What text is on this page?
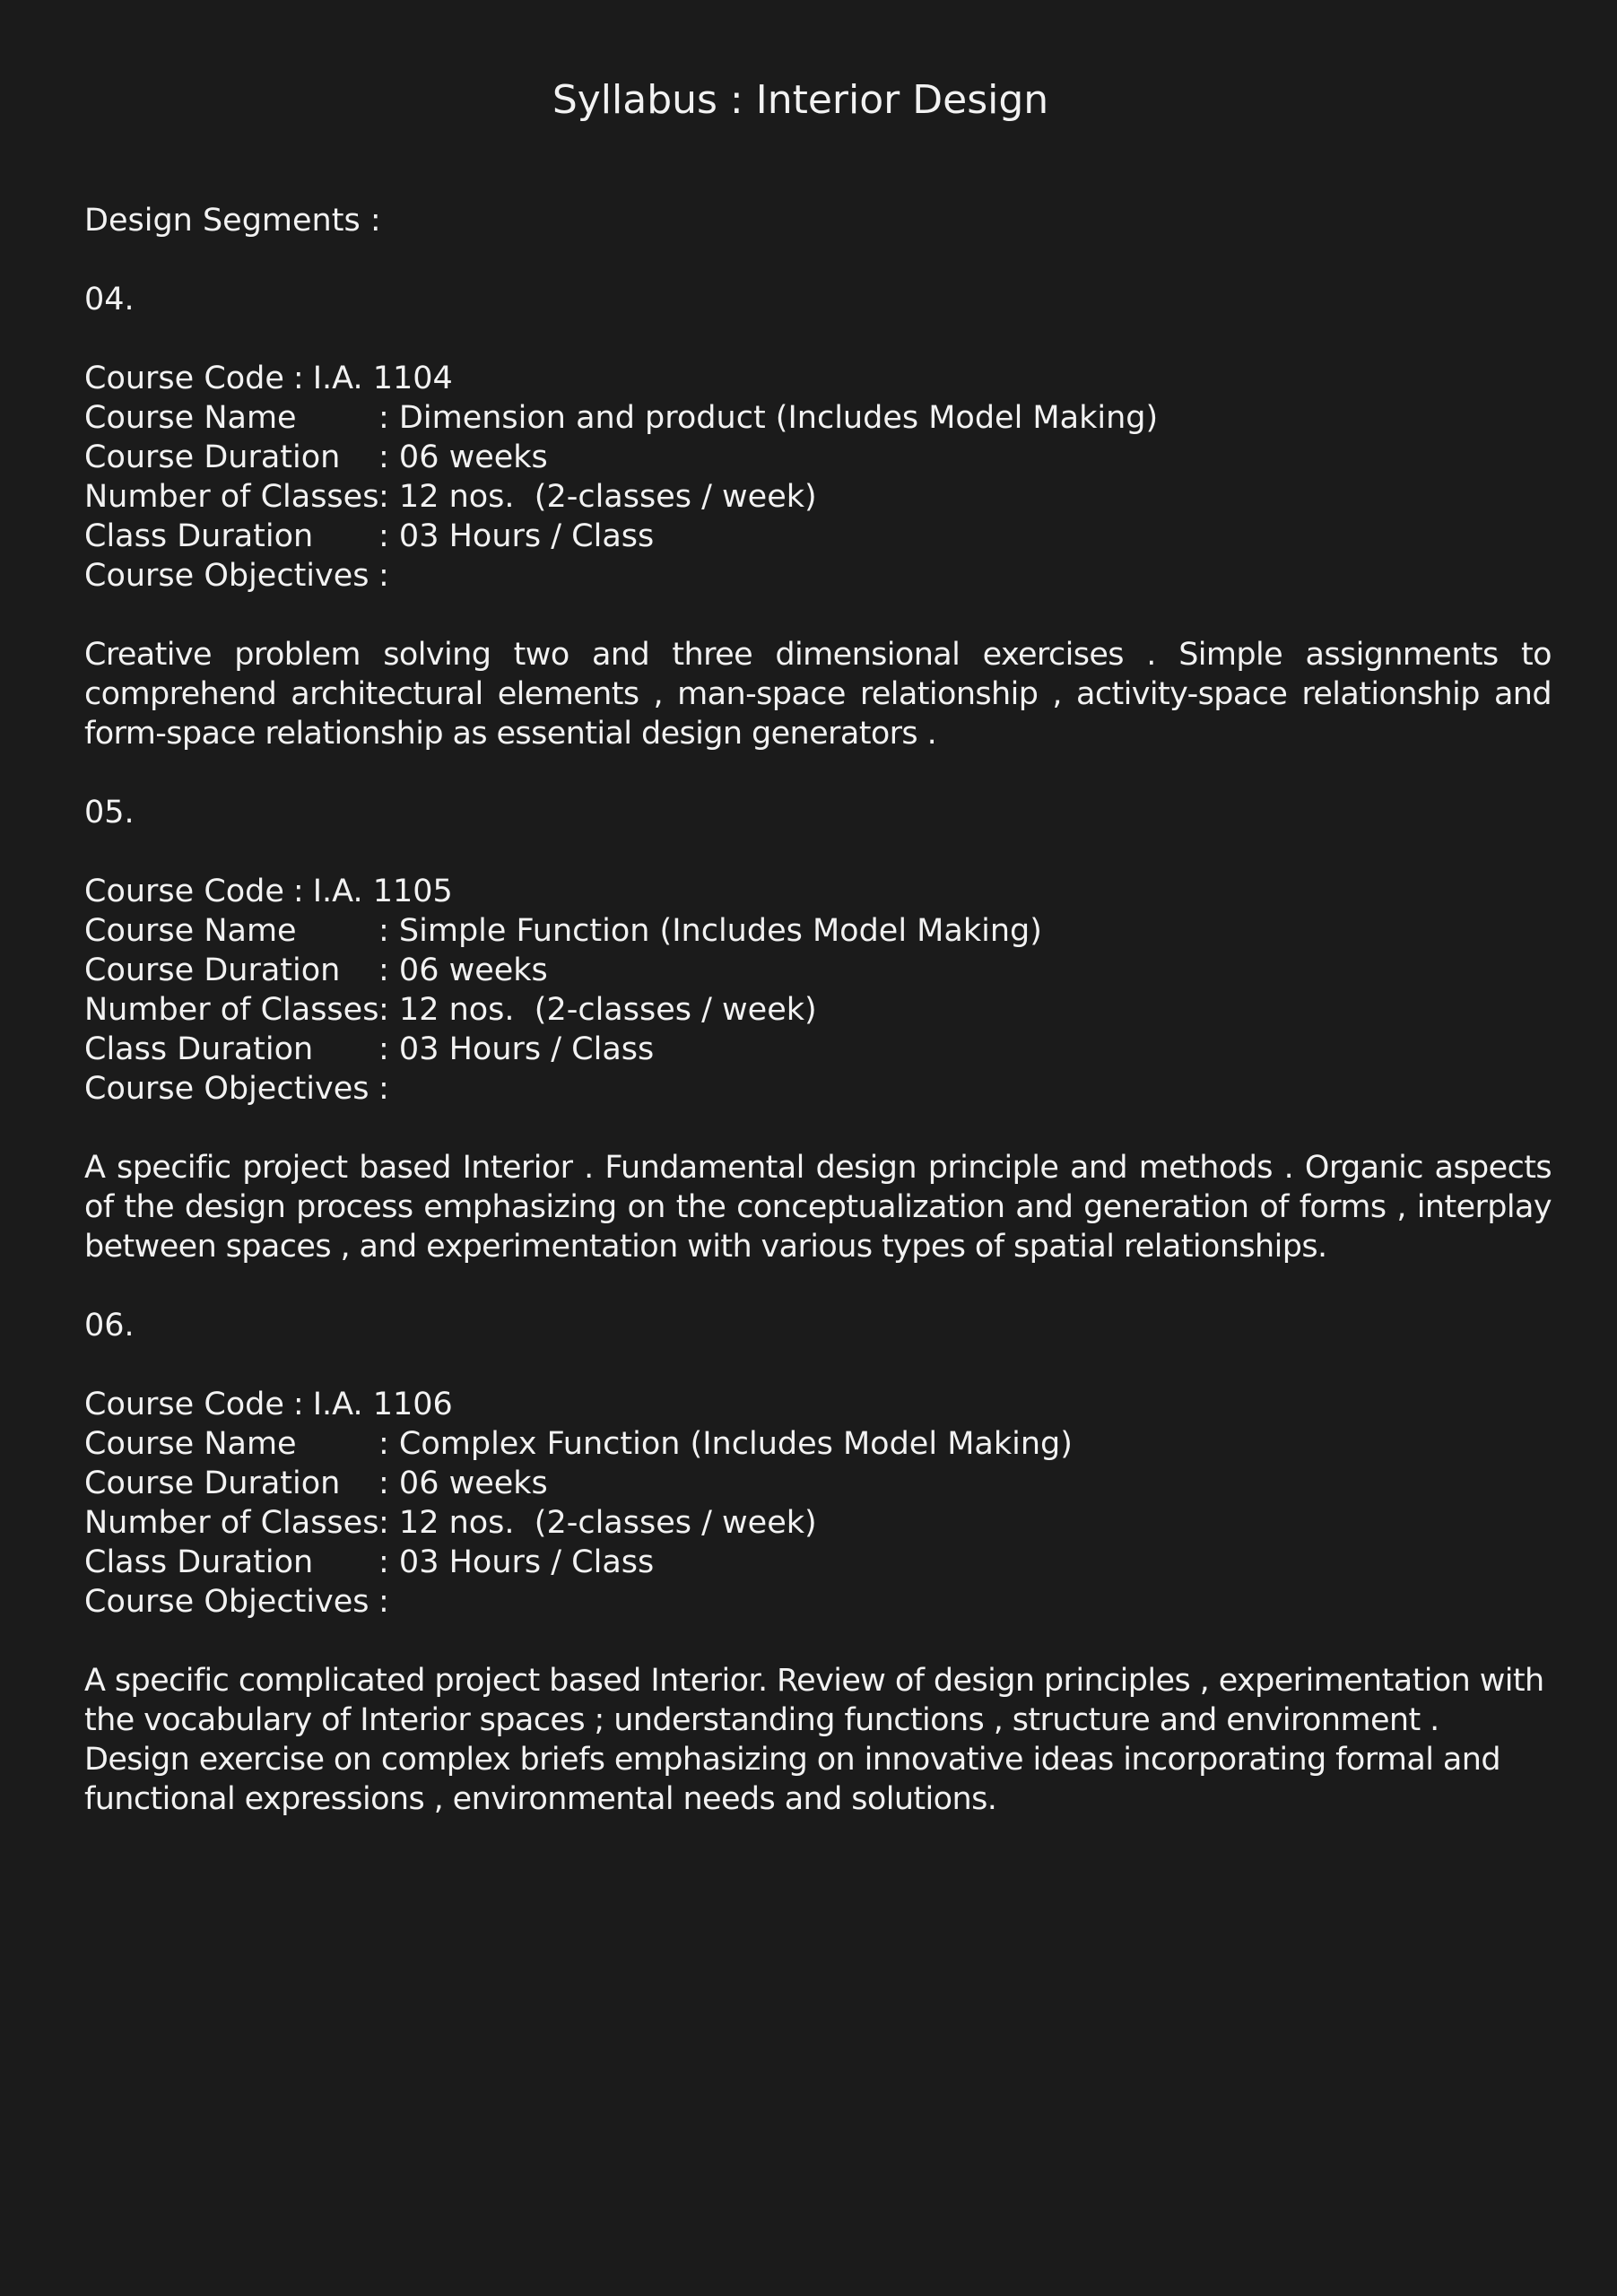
Syllabus : Interior Design

Design Segments :

04.

Course Code : I.A. 1104
Course Name	: Dimension and product (Includes Model Making)
Course Duration	: 06 weeks
Number of Classes : 12 nos.  (2-classes / week)
Class Duration	: 03 Hours / Class
Course Objectives :

Creative problem solving two and three dimensional exercises . Simple assignments to comprehend architectural elements , man-space relationship , activity-space relationship and form-space relationship as essential design generators .

05.

Course Code : I.A. 1105
Course Name	: Simple Function (Includes Model Making)
Course Duration	: 06 weeks
Number of Classes : 12 nos.  (2-classes / week)
Class Duration	: 03 Hours / Class
Course Objectives :

A specific project based Interior . Fundamental design principle and methods . Organic aspects of the design process emphasizing on the conceptualization and generation of forms , interplay between spaces , and experimentation with various types of spatial relationships.

06.

Course Code : I.A. 1106
Course Name	: Complex Function (Includes Model Making)
Course Duration	: 06 weeks
Number of Classes : 12 nos.  (2-classes / week)
Class Duration	: 03 Hours / Class
Course Objectives :

A specific complicated project based Interior. Review of design principles , experimentation with the vocabulary of Interior spaces ; understanding functions , structure and environment . Design exercise on complex briefs emphasizing on innovative ideas incorporating formal and functional expressions , environmental needs and solutions.
